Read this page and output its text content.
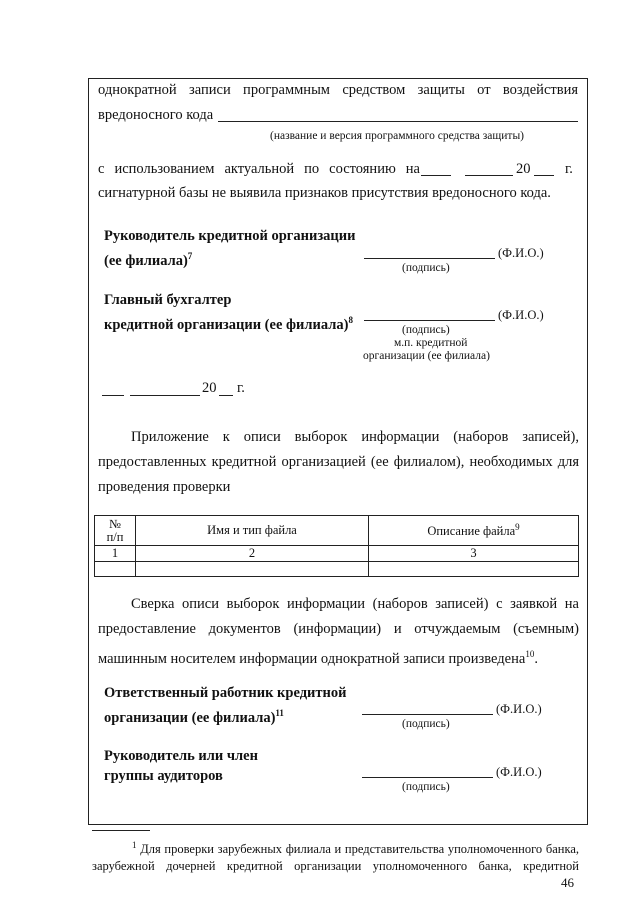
однократной записи программным средством защиты от воздействия
вредоносного кода
(название и версия программного средства защиты)
с использованием актуальной по состоянию на	20 г.
сигнатурной базы не выявила признаков присутствия вредоносного кода.
Руководитель кредитной организации
(ее филиала)$^7$	(Ф.И.О.)
(подпись)
Главный бухгалтер
кредитной организации (ее филиала)$^8$	(Ф.И.О.)
(подпись)
м.п. кредитной
организации (ее филиала)
20 г.
Приложение к описи выборок информации (наборов записей),
предоставленных кредитной организацией (ее филиалом), необходимых для
проведения проверки
№
п/п	Имя и тип файла	Описание файла$^9$
1	2	3

Сверка описи выборок информации (наборов записей) с заявкой на
предоставление документов (информации) и отчуждаемым (съемным)
машинным носителем информации однократной записи произведена$^{10}$.
Ответственный работник кредитной
организации (ее филиала)$^{11}$	(Ф.И.О.)
(подпись)
Руководитель или член
группы аудиторов	(Ф.И.О.)
(подпись)
$^1$ Для проверки зарубежных филиала и представительства уполномоченного банка,
зарубежной дочерней кредитной организации уполномоченного банка, кредитной
46
